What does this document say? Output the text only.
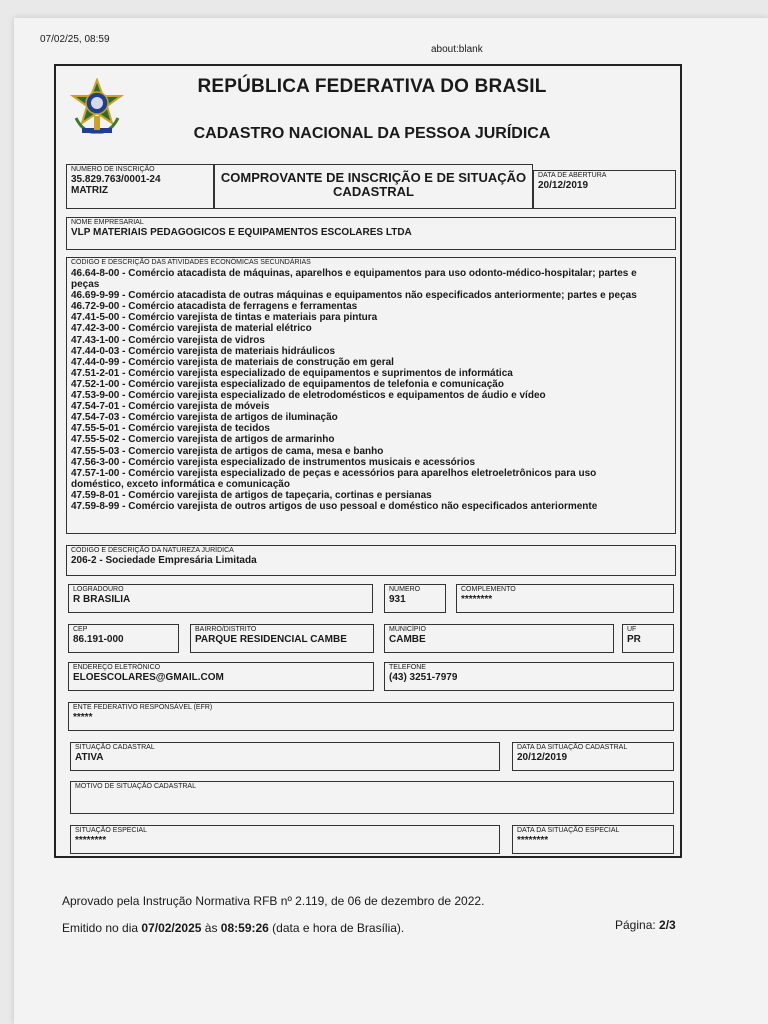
07/02/25, 08:59
about:blank
REPÚBLICA FEDERATIVA DO BRASIL
CADASTRO NACIONAL DA PESSOA JURÍDICA
NÚMERO DE INSCRIÇÃO
35.829.763/0001-24
MATRIZ
COMPROVANTE DE INSCRIÇÃO E DE SITUAÇÃO
CADASTRAL
DATA DE ABERTURA
20/12/2019
NOME EMPRESARIAL
VLP MATERIAIS PEDAGOGICOS E EQUIPAMENTOS ESCOLARES LTDA
CÓDIGO E DESCRIÇÃO DAS ATIVIDADES ECONÔMICAS SECUNDÁRIAS
46.64-8-00 - Comércio atacadista de máquinas, aparelhos e equipamentos para uso odonto-médico-hospitalar; partes e
peças
46.69-9-99 - Comércio atacadista de outras máquinas e equipamentos não especificados anteriormente; partes e peças
46.72-9-00 - Comércio atacadista de ferragens e ferramentas
47.41-5-00 - Comércio varejista de tintas e materiais para pintura
47.42-3-00 - Comércio varejista de material elétrico
47.43-1-00 - Comércio varejista de vidros
47.44-0-03 - Comércio varejista de materiais hidráulicos
47.44-0-99 - Comércio varejista de materiais de construção em geral
47.51-2-01 - Comércio varejista especializado de equipamentos e suprimentos de informática
47.52-1-00 - Comércio varejista especializado de equipamentos de telefonia e comunicação
47.53-9-00 - Comércio varejista especializado de eletrodomésticos e equipamentos de áudio e vídeo
47.54-7-01 - Comércio varejista de móveis
47.54-7-03 - Comércio varejista de artigos de iluminação
47.55-5-01 - Comércio varejista de tecidos
47.55-5-02 - Comercio varejista de artigos de armarinho
47.55-5-03 - Comercio varejista de artigos de cama, mesa e banho
47.56-3-00 - Comércio varejista especializado de instrumentos musicais e acessórios
47.57-1-00 - Comércio varejista especializado de peças e acessórios para aparelhos eletroeletrônicos para uso
doméstico, exceto informática e comunicação
47.59-8-01 - Comércio varejista de artigos de tapeçaria, cortinas e persianas
47.59-8-99 - Comércio varejista de outros artigos de uso pessoal e doméstico não especificados anteriormente
CÓDIGO E DESCRIÇÃO DA NATUREZA JURÍDICA
206-2 - Sociedade Empresária Limitada
LOGRADOURO
R BRASILIA
NÚMERO
931
COMPLEMENTO
********
CEP
86.191-000
BAIRRO/DISTRITO
PARQUE RESIDENCIAL CAMBE
MUNICÍPIO
CAMBE
UF
PR
ENDEREÇO ELETRÔNICO
ELOESCOLARES@GMAIL.COM
TELEFONE
(43) 3251-7979
ENTE FEDERATIVO RESPONSÁVEL (EFR)
*****
SITUAÇÃO CADASTRAL
ATIVA
DATA DA SITUAÇÃO CADASTRAL
20/12/2019
MOTIVO DE SITUAÇÃO CADASTRAL
SITUAÇÃO ESPECIAL
********
DATA DA SITUAÇÃO ESPECIAL
********
Aprovado pela Instrução Normativa RFB nº 2.119, de 06 de dezembro de 2022.
Emitido no dia 07/02/2025 às 08:59:26 (data e hora de Brasília).	Página: 2/3
